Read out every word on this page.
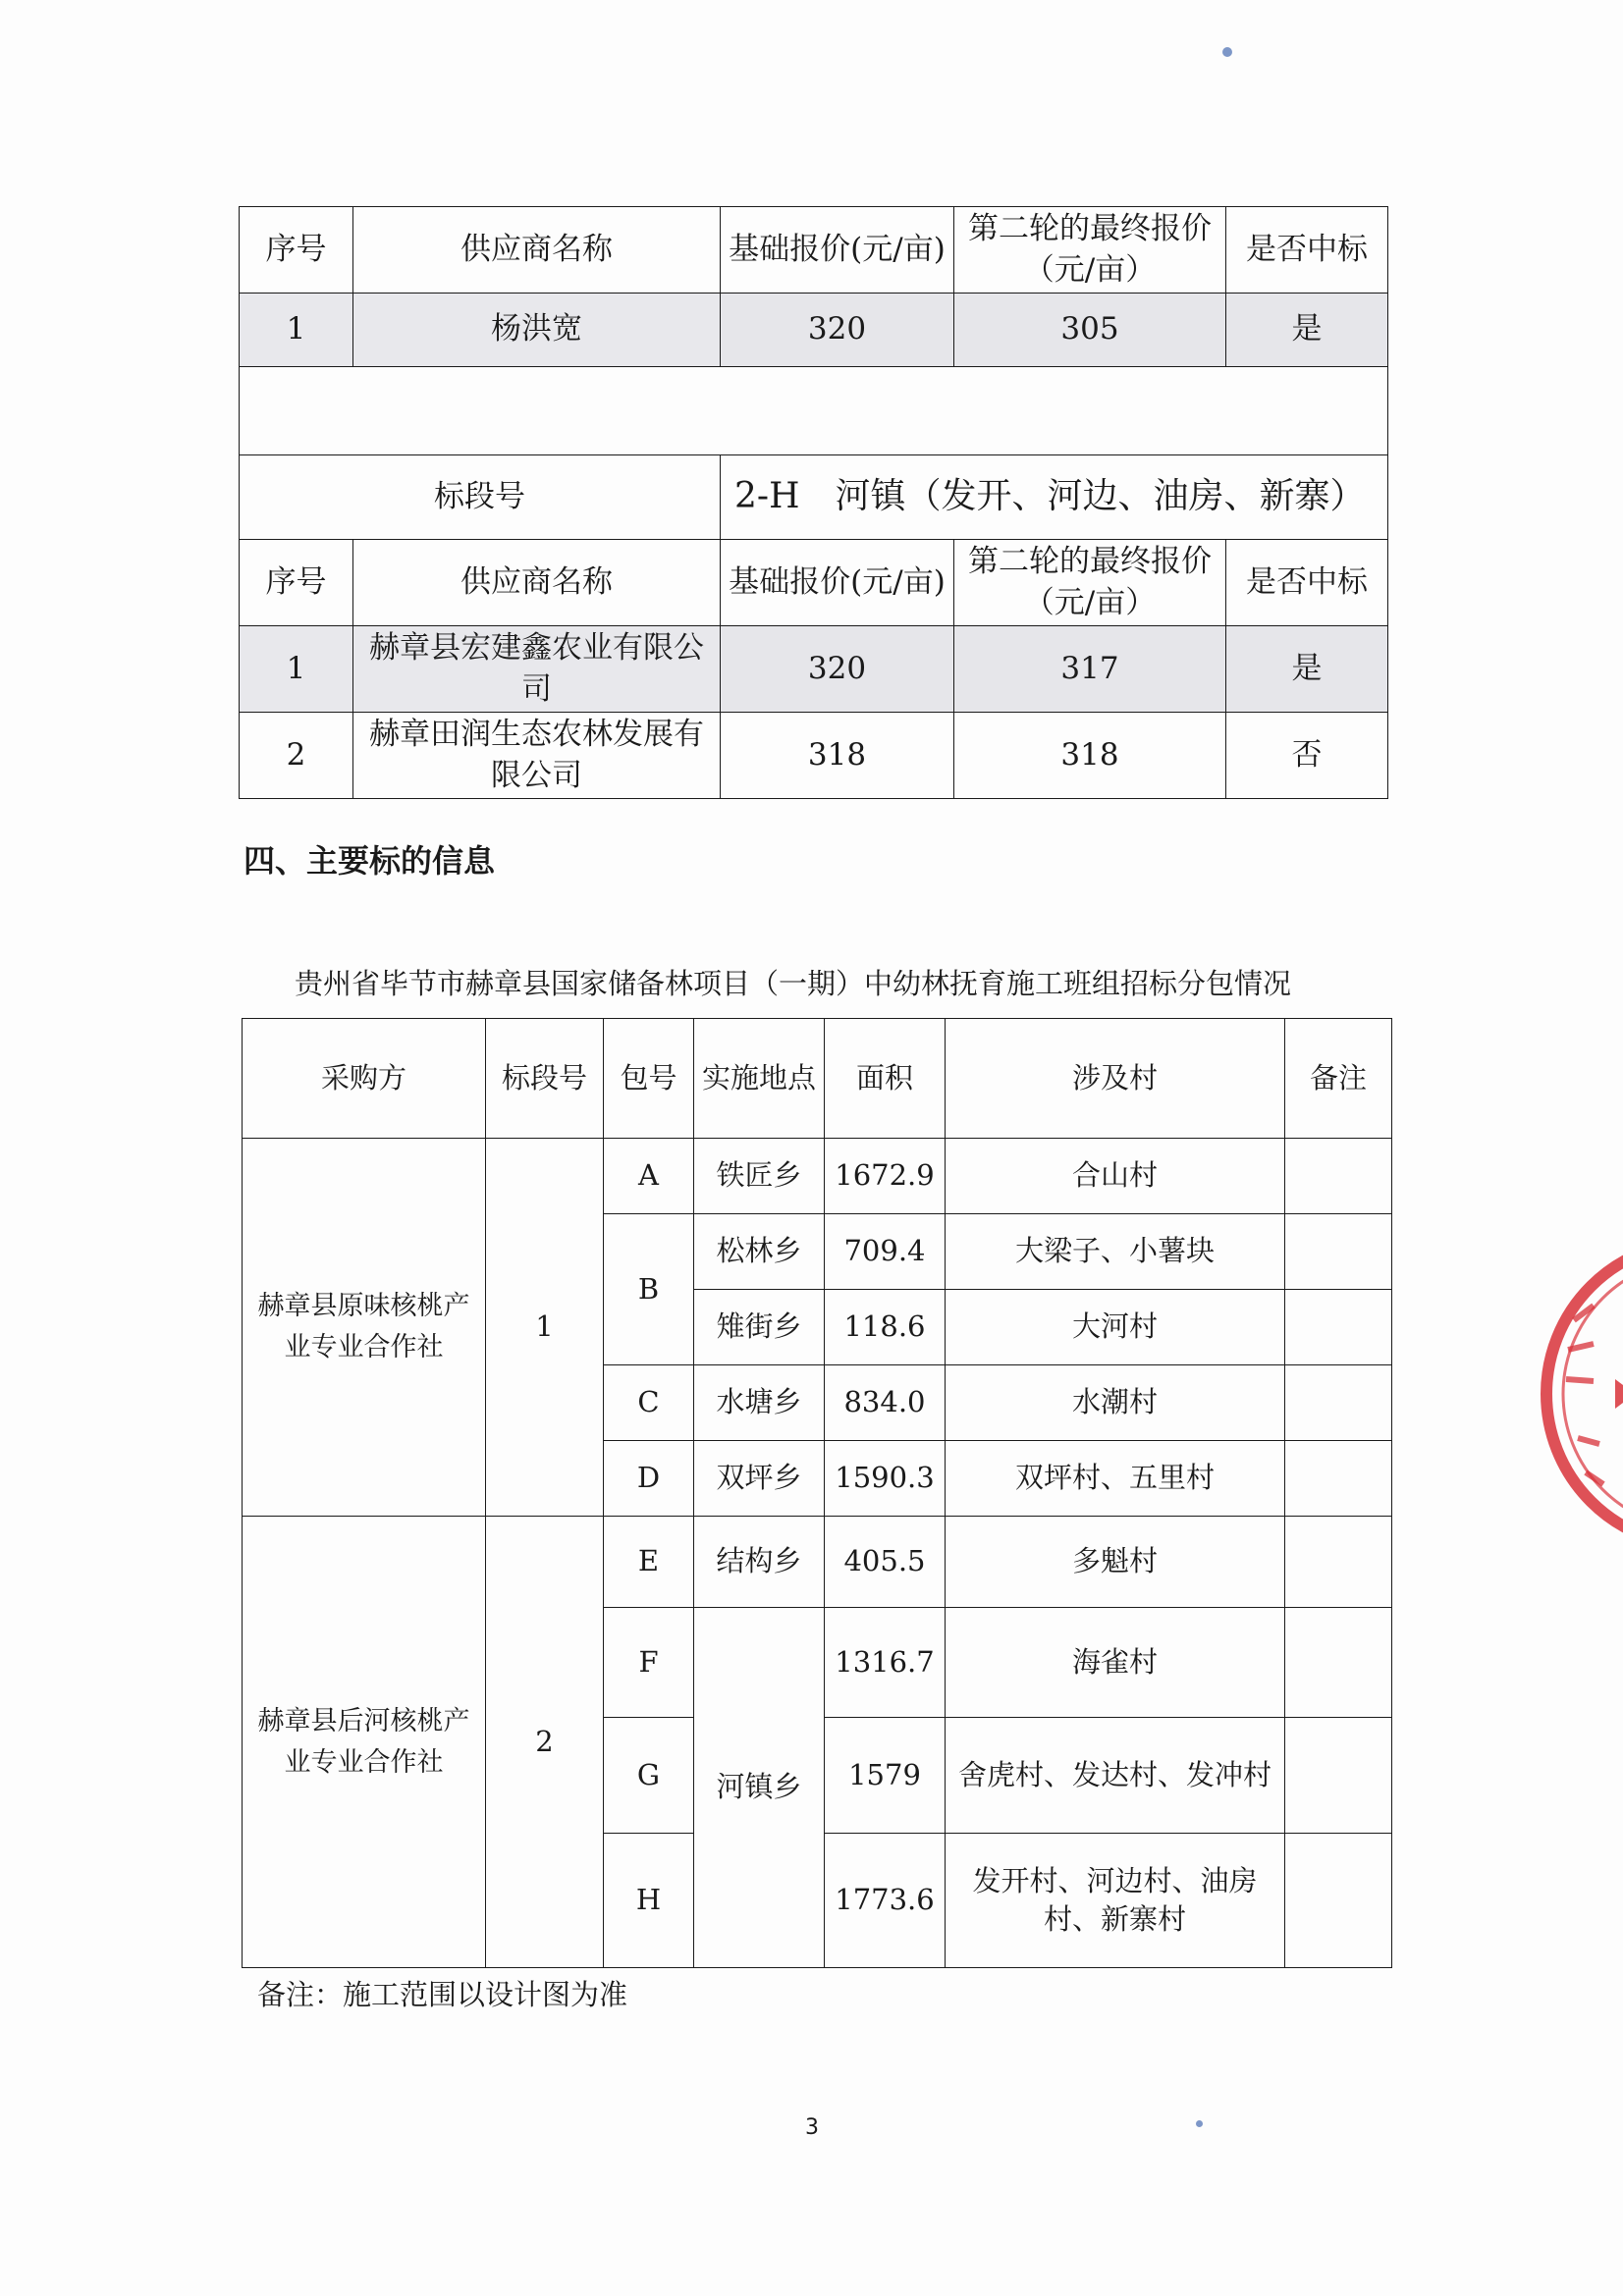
序号	供应商名称	基础报价(元/亩)	第二轮的最终报价（元/亩）	是否中标
1	杨洪宽	320	305	是

标段号		2-H　河镇（发开、河边、油房、新寨）		
序号	供应商名称	基础报价(元/亩)	第二轮的最终报价（元/亩）	是否中标
1	赫章县宏建鑫农业有限公司	320	317	是
2	赫章田润生态农林发展有限公司	318	318	否
四、主要标的信息
贵州省毕节市赫章县国家储备林项目（一期）中幼林抚育施工班组招标分包情况
采购方	标段号	包号	实施地点	面积	涉及村	备注
赫章县原味核桃产业专业合作社	1	A	铁匠乡	1672.9	合山村	
		B	松林乡	709.4	大梁子、小薯块	
			雉街乡	118.6	大河村	
		C	水塘乡	834.0	水潮村	
		D	双坪乡	1590.3	双坪村、五里村	
赫章县后河核桃产业专业合作社	2	E	结构乡	405.5	多魁村	
		F	河镇乡	1316.7	海雀村	
		G		1579	舍虎村、发达村、发冲村	
		H		1773.6	发开村、河边村、油房村、新寨村	
备注：施工范围以设计图为准
3
